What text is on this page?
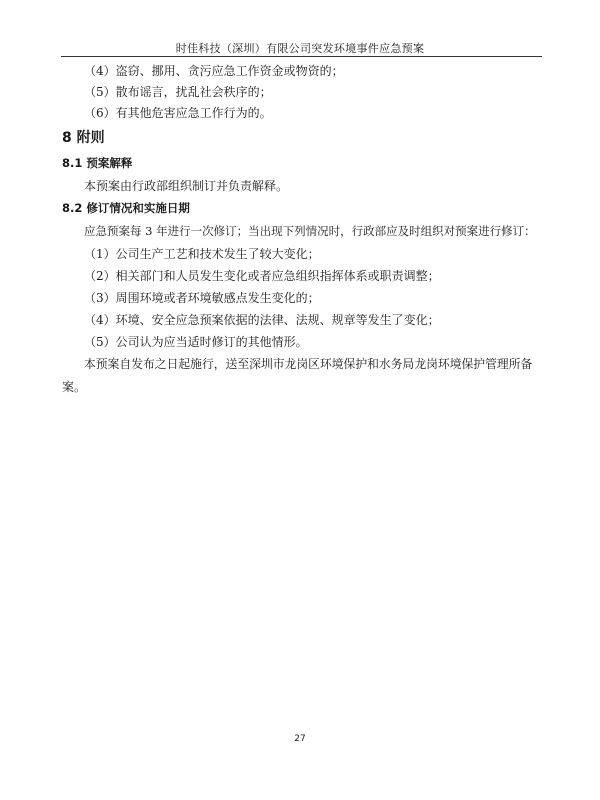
时佳科技（深圳）有限公司突发环境事件应急预案
（4）盗窃、挪用、贪污应急工作资金或物资的；
（5）散布谣言，扰乱社会秩序的；
（6）有其他危害应急工作行为的。
8 附则
8.1 预案解释
本预案由行政部组织制订并负责解释。
8.2 修订情况和实施日期
应急预案每 3 年进行一次修订；当出现下列情况时，行政部应及时组织对预案进行修订：
（1）公司生产工艺和技术发生了较大变化；
（2）相关部门和人员发生变化或者应急组织指挥体系或职责调整；
（3）周围环境或者环境敏感点发生变化的；
（4）环境、安全应急预案依据的法律、法规、规章等发生了变化；
（5）公司认为应当适时修订的其他情形。
本预案自发布之日起施行，送至深圳市龙岗区环境保护和水务局龙岗环境保护管理所备
案。
27
